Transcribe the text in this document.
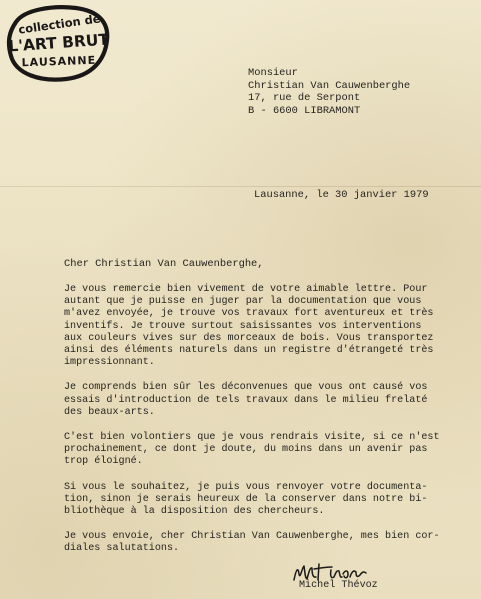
collection de
L'ART BRUT
LAUSANNE
Monsieur
Christian Van Cauwenberghe
17, rue de Serpont
B - 6600 LIBRAMONT
Lausanne, le 30 janvier 1979
Cher Christian Van Cauwenberghe,
Je vous remercie bien vivement de votre aimable lettre. Pour
autant que je puisse en juger par la documentation que vous
m'avez envoyée, je trouve vos travaux fort aventureux et très
inventifs. Je trouve surtout saisissantes vos interventions
aux couleurs vives sur des morceaux de bois. Vous transportez
ainsi des éléments naturels dans un registre d'étrangeté très
impressionnant.
Je comprends bien sûr les déconvenues que vous ont causé vos
essais d'introduction de tels travaux dans le milieu frelaté
des beaux-arts.
C'est bien volontiers que je vous rendrais visite, si ce n'est
prochainement, ce dont je doute, du moins dans un avenir pas
trop éloigné.
Si vous le souhaitez, je puis vous renvoyer votre documenta-
tion, sinon je serais heureux de la conserver dans notre bi-
bliothèque à la disposition des chercheurs.
Je vous envoie, cher Christian Van Cauwenberghe, mes bien cor-
diales salutations.
Michel Thévoz
